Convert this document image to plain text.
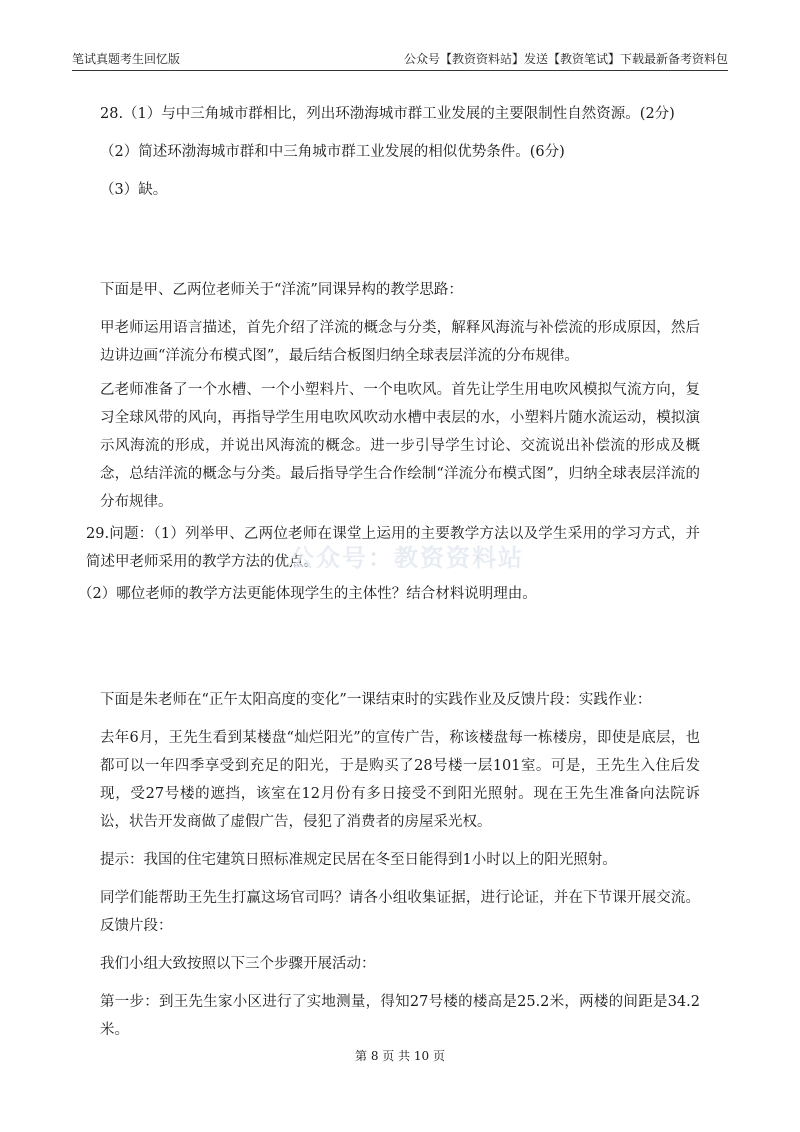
笔试真题考生回忆版	公众号【教资资料站】发送【教资笔试】下载最新备考资料包

28.（1）与中三角城市群相比，列出环渤海城市群工业发展的主要限制性自然资源。(2分)

（2）简述环渤海城市群和中三角城市群工业发展的相似优势条件。(6分)

（3）缺。

下面是甲、乙两位老师关于“洋流”同课异构的教学思路：

甲老师运用语言描述，首先介绍了洋流的概念与分类，解释风海流与补偿流的形成原因，然后边讲边画“洋流分布模式图”，最后结合板图归纳全球表层洋流的分布规律。

乙老师准备了一个水槽、一个小塑料片、一个电吹风。首先让学生用电吹风模拟气流方向，复习全球风带的风向，再指导学生用电吹风吹动水槽中表层的水，小塑料片随水流运动，模拟演示风海流的形成，并说出风海流的概念。进一步引导学生讨论、交流说出补偿流的形成及概念，总结洋流的概念与分类。最后指导学生合作绘制“洋流分布模式图”，归纳全球表层洋流的分布规律。

29.问题：（1）列举甲、乙两位老师在课堂上运用的主要教学方法以及学生采用的学习方式，并简述甲老师采用的教学方法的优点。

（2）哪位老师的教学方法更能体现学生的主体性？结合材料说明理由。

下面是朱老师在“正午太阳高度的变化”一课结束时的实践作业及反馈片段：实践作业：

去年6月，王先生看到某楼盘“灿烂阳光”的宣传广告，称该楼盘每一栋楼房，即使是底层，也都可以一年四季享受到充足的阳光，于是购买了28号楼一层101室。可是，王先生入住后发现，受27号楼的遮挡，该室在12月份有多日接受不到阳光照射。现在王先生准备向法院诉讼，状告开发商做了虚假广告，侵犯了消费者的房屋采光权。

提示：我国的住宅建筑日照标准规定民居在冬至日能得到1小时以上的阳光照射。

同学们能帮助王先生打赢这场官司吗？请各小组收集证据，进行论证，并在下节课开展交流。反馈片段：

我们小组大致按照以下三个步骤开展活动：

第一步：到王先生家小区进行了实地测量，得知27号楼的楼高是25.2米，两楼的间距是34.2米。

公众号：教资资料站
第 8 页 共 10 页
